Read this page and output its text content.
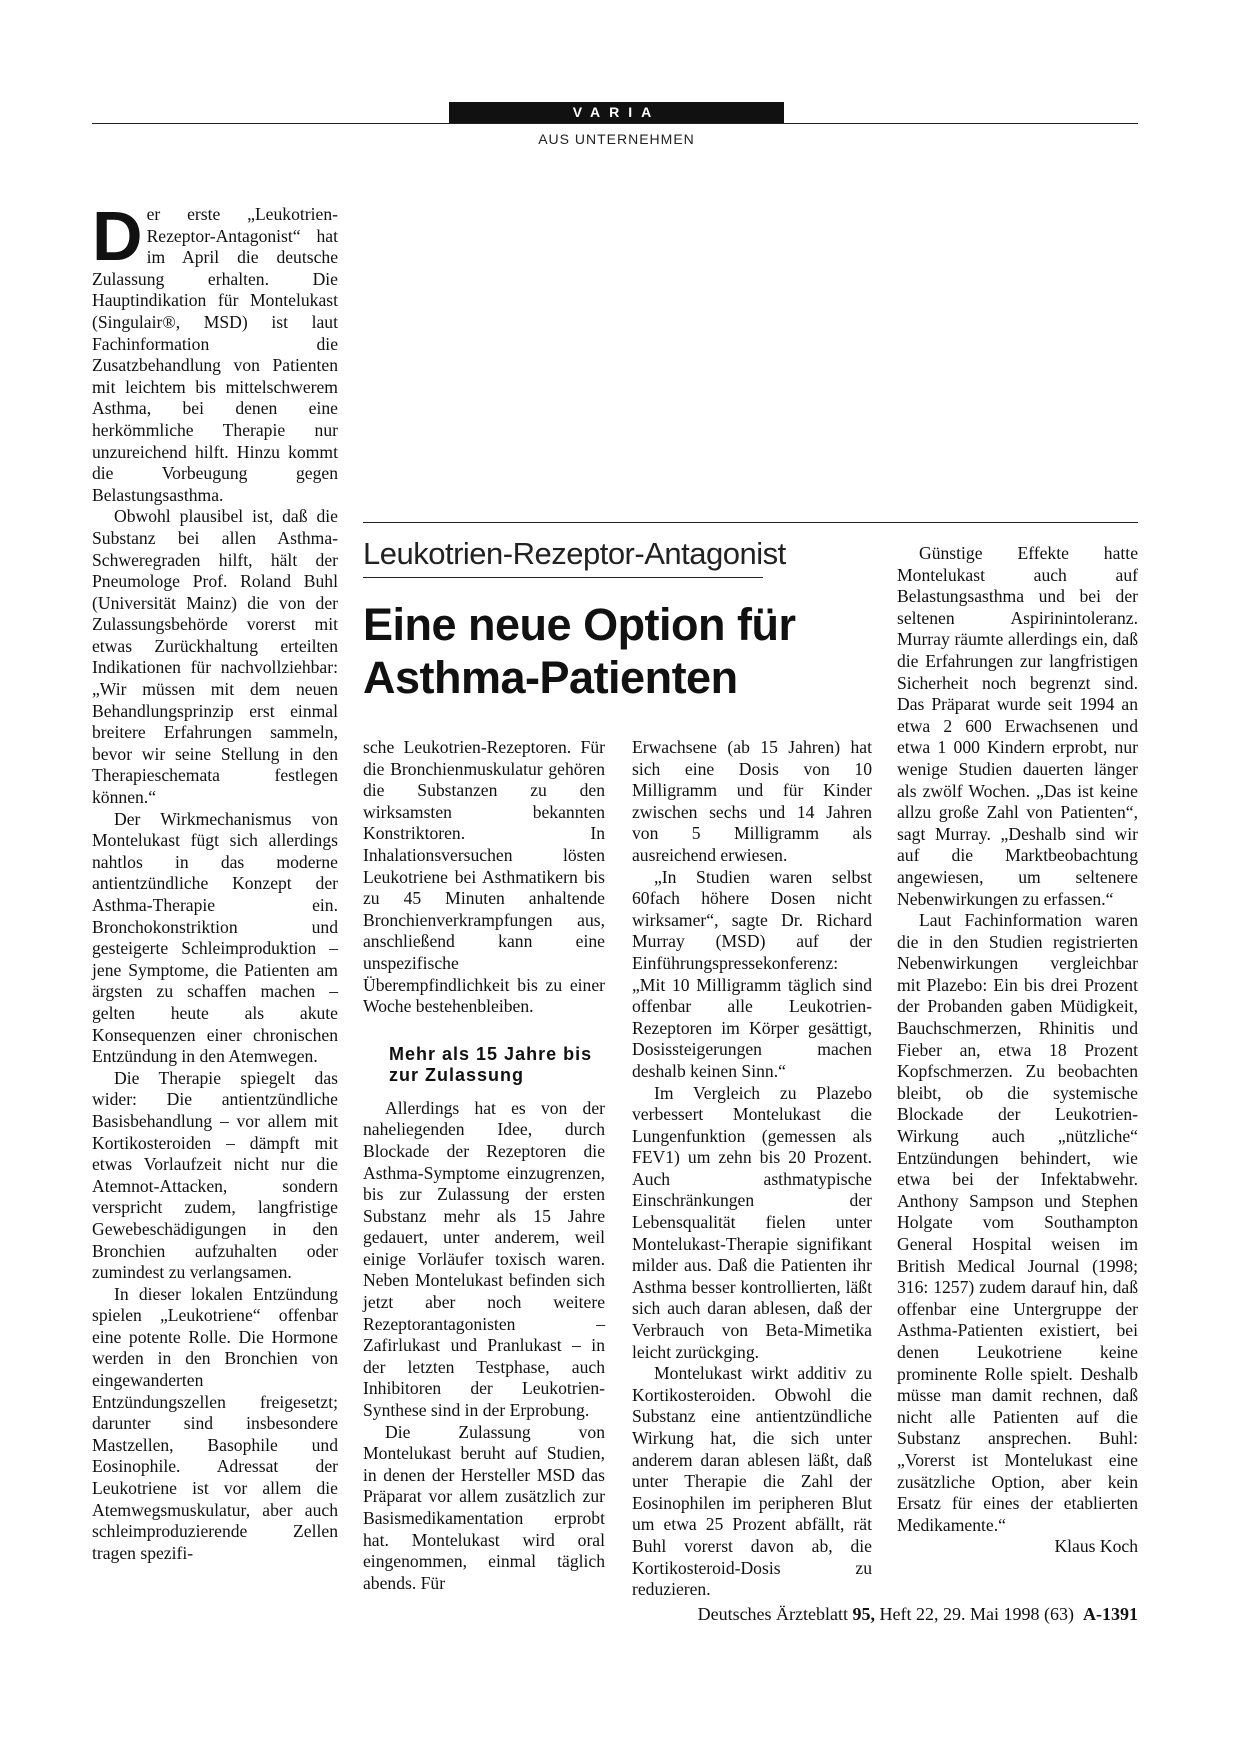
VARIA
AUS UNTERNEHMEN

Der erste „Leukotrien-Rezeptor-Antagonist“ hat im April die deutsche Zulassung erhalten. Die Hauptindikation für Montelukast (Singulair®, MSD) ist laut Fachinformation die Zusatzbehandlung von Patienten mit leichtem bis mittelschwerem Asthma, bei denen eine herkömmliche Therapie nur unzureichend hilft. Hinzu kommt die Vorbeugung gegen Belastungsasthma.

Obwohl plausibel ist, daß die Substanz bei allen Asthma-Schweregraden hilft, hält der Pneumologe Prof. Roland Buhl (Universität Mainz) die von der Zulassungsbehörde vorerst mit etwas Zurückhaltung erteilten Indikationen für nachvollziehbar: „Wir müssen mit dem neuen Behandlungsprinzip erst einmal breitere Erfahrungen sammeln, bevor wir seine Stellung in den Therapieschemata festlegen können.“

Der Wirkmechanismus von Montelukast fügt sich allerdings nahtlos in das moderne antientzündliche Konzept der Asthma-Therapie ein. Bronchokonstriktion und gesteigerte Schleimproduktion – jene Symptome, die Patienten am ärgsten zu schaffen machen – gelten heute als akute Konsequenzen einer chronischen Entzündung in den Atemwegen.

Die Therapie spiegelt das wider: Die antientzündliche Basisbehandlung – vor allem mit Kortikosteroiden – dämpft mit etwas Vorlaufzeit nicht nur die Atemnot-Attacken, sondern verspricht zudem, langfristige Gewebeschädigungen in den Bronchien aufzuhalten oder zumindest zu verlangsamen.

In dieser lokalen Entzündung spielen „Leukotriene“ offenbar eine potente Rolle. Die Hormone werden in den Bronchien von eingewanderten Entzündungszellen freigesetzt; darunter sind insbesondere Mastzellen, Basophile und Eosinophile. Adressat der Leukotriene ist vor allem die Atemwegsmuskulatur, aber auch schleimproduzierende Zellen tragen spezifi-

Leukotrien-Rezeptor-Antagonist
Eine neue Option für
Asthma-Patienten

sche Leukotrien-Rezeptoren. Für die Bronchienmuskulatur gehören die Substanzen zu den wirksamsten bekannten Konstriktoren. In Inhalationsversuchen lösten Leukotriene bei Asthmatikern bis zu 45 Minuten anhaltende Bronchienverkrampfungen aus, anschließend kann eine unspezifische Überempfindlichkeit bis zu einer Woche bestehenbleiben.

Mehr als 15 Jahre bis zur Zulassung

Allerdings hat es von der naheliegenden Idee, durch Blockade der Rezeptoren die Asthma-Symptome einzugrenzen, bis zur Zulassung der ersten Substanz mehr als 15 Jahre gedauert, unter anderem, weil einige Vorläufer toxisch waren. Neben Montelukast befinden sich jetzt aber noch weitere Rezeptorantagonisten – Zafirlukast und Pranlukast – in der letzten Testphase, auch Inhibitoren der Leukotrien-Synthese sind in der Erprobung.

Die Zulassung von Montelukast beruht auf Studien, in denen der Hersteller MSD das Präparat vor allem zusätzlich zur Basismedikamentation erprobt hat. Montelukast wird oral eingenommen, einmal täglich abends. Für

Erwachsene (ab 15 Jahren) hat sich eine Dosis von 10 Milligramm und für Kinder zwischen sechs und 14 Jahren von 5 Milligramm als ausreichend erwiesen.

„In Studien waren selbst 60fach höhere Dosen nicht wirksamer“, sagte Dr. Richard Murray (MSD) auf der Einführungspressekonferenz: „Mit 10 Milligramm täglich sind offenbar alle Leukotrien-Rezeptoren im Körper gesättigt, Dosissteigerungen machen deshalb keinen Sinn.“

Im Vergleich zu Plazebo verbessert Montelukast die Lungenfunktion (gemessen als FEV1) um zehn bis 20 Prozent. Auch asthmatypische Einschränkungen der Lebensqualität fielen unter Montelukast-Therapie signifikant milder aus. Daß die Patienten ihr Asthma besser kontrollierten, läßt sich auch daran ablesen, daß der Verbrauch von Beta-Mimetika leicht zurückging.

Montelukast wirkt additiv zu Kortikosteroiden. Obwohl die Substanz eine antientzündliche Wirkung hat, die sich unter anderem daran ablesen läßt, daß unter Therapie die Zahl der Eosinophilen im peripheren Blut um etwa 25 Prozent abfällt, rät Buhl vorerst davon ab, die Kortikosteroid-Dosis zu reduzieren.

Günstige Effekte hatte Montelukast auch auf Belastungsasthma und bei der seltenen Aspirinintoleranz. Murray räumte allerdings ein, daß die Erfahrungen zur langfristigen Sicherheit noch begrenzt sind. Das Präparat wurde seit 1994 an etwa 2 600 Erwachsenen und etwa 1 000 Kindern erprobt, nur wenige Studien dauerten länger als zwölf Wochen. „Das ist keine allzu große Zahl von Patienten“, sagt Murray. „Deshalb sind wir auf die Marktbeobachtung angewiesen, um seltenere Nebenwirkungen zu erfassen.“

Laut Fachinformation waren die in den Studien registrierten Nebenwirkungen vergleichbar mit Plazebo: Ein bis drei Prozent der Probanden gaben Müdigkeit, Bauchschmerzen, Rhinitis und Fieber an, etwa 18 Prozent Kopfschmerzen. Zu beobachten bleibt, ob die systemische Blockade der Leukotrien-Wirkung auch „nützliche“ Entzündungen behindert, wie etwa bei der Infektabwehr. Anthony Sampson und Stephen Holgate vom Southampton General Hospital weisen im British Medical Journal (1998; 316: 1257) zudem darauf hin, daß offenbar eine Untergruppe der Asthma-Patienten existiert, bei denen Leukotriene keine prominente Rolle spielt. Deshalb müsse man damit rechnen, daß nicht alle Patienten auf die Substanz ansprechen. Buhl: „Vorerst ist Montelukast eine zusätzliche Option, aber kein Ersatz für eines der etablierten Medikamente.“

Klaus Koch
Deutsches Ärzteblatt 95, Heft 22, 29. Mai 1998 (63) A-1391
